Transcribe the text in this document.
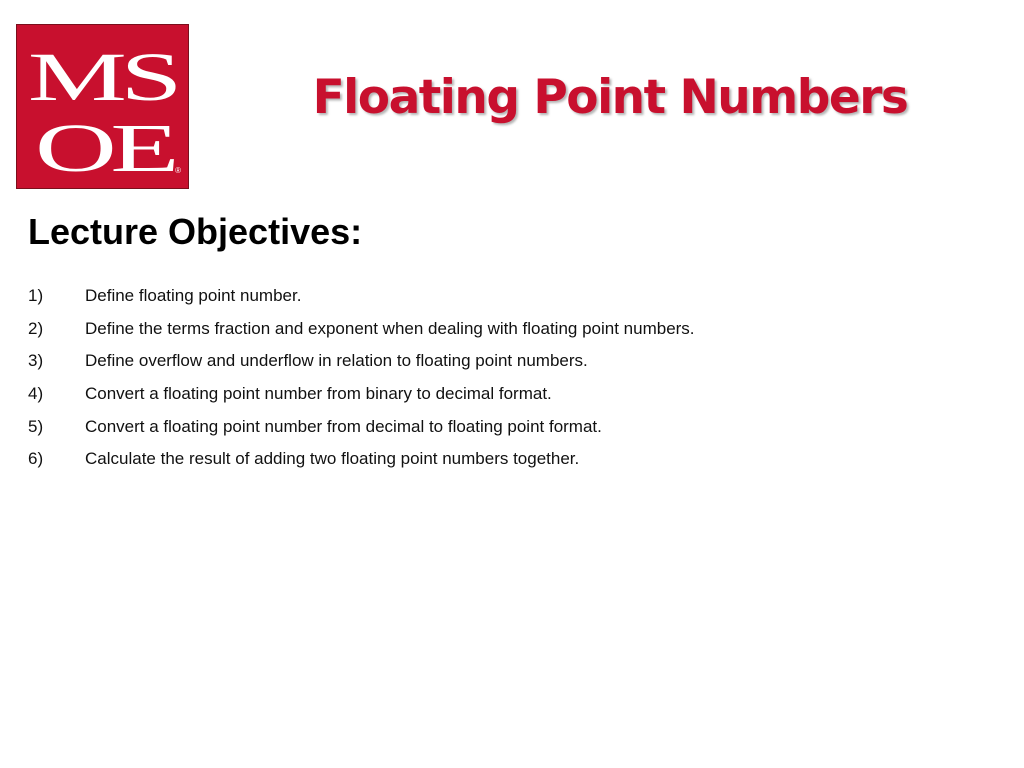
MS
OE ®
Floating Point Numbers
Lecture Objectives:
1)	Define floating point number.
2)	Define the terms fraction and exponent when dealing with floating point numbers.
3)	Define overflow and underflow in relation to floating point numbers.
4)	Convert a floating point number from binary to decimal format.
5)	Convert a floating point number from decimal to floating point format.
6)	Calculate the result of adding two floating point numbers together.
